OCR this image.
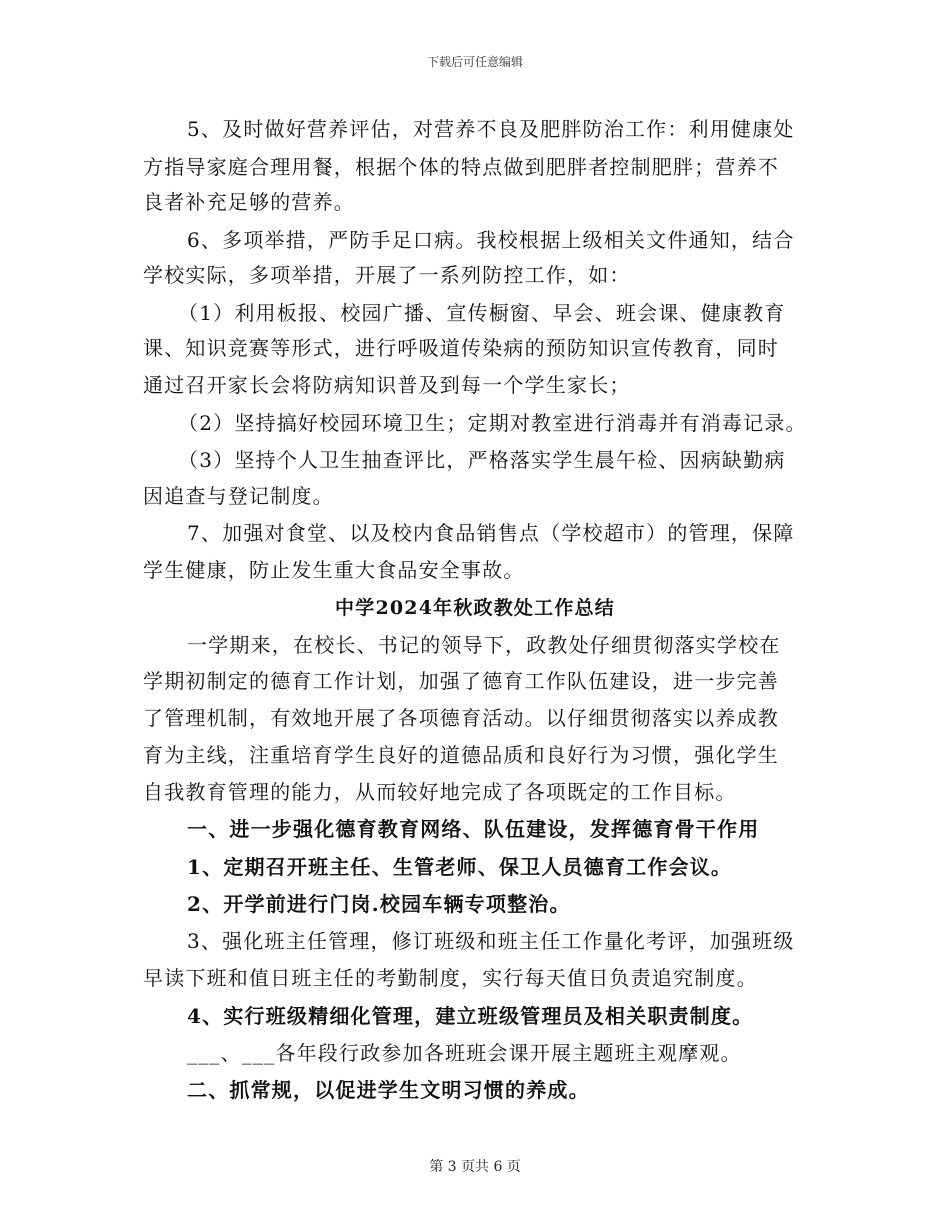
下载后可任意编辑
5、及时做好营养评估，对营养不良及肥胖防治工作：利用健康处
方指导家庭合理用餐，根据个体的特点做到肥胖者控制肥胖；营养不
良者补充足够的营养。
6、多项举措，严防手足口病。我校根据上级相关文件通知，结合
学校实际，多项举措，开展了一系列防控工作，如：
（1）利用板报、校园广播、宣传橱窗、早会、班会课、健康教育
课、知识竞赛等形式，进行呼吸道传染病的预防知识宣传教育，同时
通过召开家长会将防病知识普及到每一个学生家长；
（2）坚持搞好校园环境卫生；定期对教室进行消毒并有消毒记录。
（3）坚持个人卫生抽查评比，严格落实学生晨午检、因病缺勤病
因追查与登记制度。
7、加强对食堂、以及校内食品销售点（学校超市）的管理，保障
学生健康，防止发生重大食品安全事故。
中学2024年秋政教处工作总结
一学期来，在校长、书记的领导下，政教处仔细贯彻落实学校在
学期初制定的德育工作计划，加强了德育工作队伍建设，进一步完善
了管理机制，有效地开展了各项德育活动。以仔细贯彻落实以养成教
育为主线，注重培育学生良好的道德品质和良好行为习惯，强化学生
自我教育管理的能力，从而较好地完成了各项既定的工作目标。
一、进一步强化德育教育网络、队伍建设，发挥德育骨干作用
1、定期召开班主任、生管老师、保卫人员德育工作会议。
2、开学前进行门岗.校园车辆专项整治。
3、强化班主任管理，修订班级和班主任工作量化考评，加强班级
早读下班和值日班主任的考勤制度，实行每天值日负责追究制度。
4、实行班级精细化管理，建立班级管理员及相关职责制度。
___、___各年段行政参加各班班会课开展主题班主观摩观。
二、抓常规，以促进学生文明习惯的养成。
第 3 页共 6 页
